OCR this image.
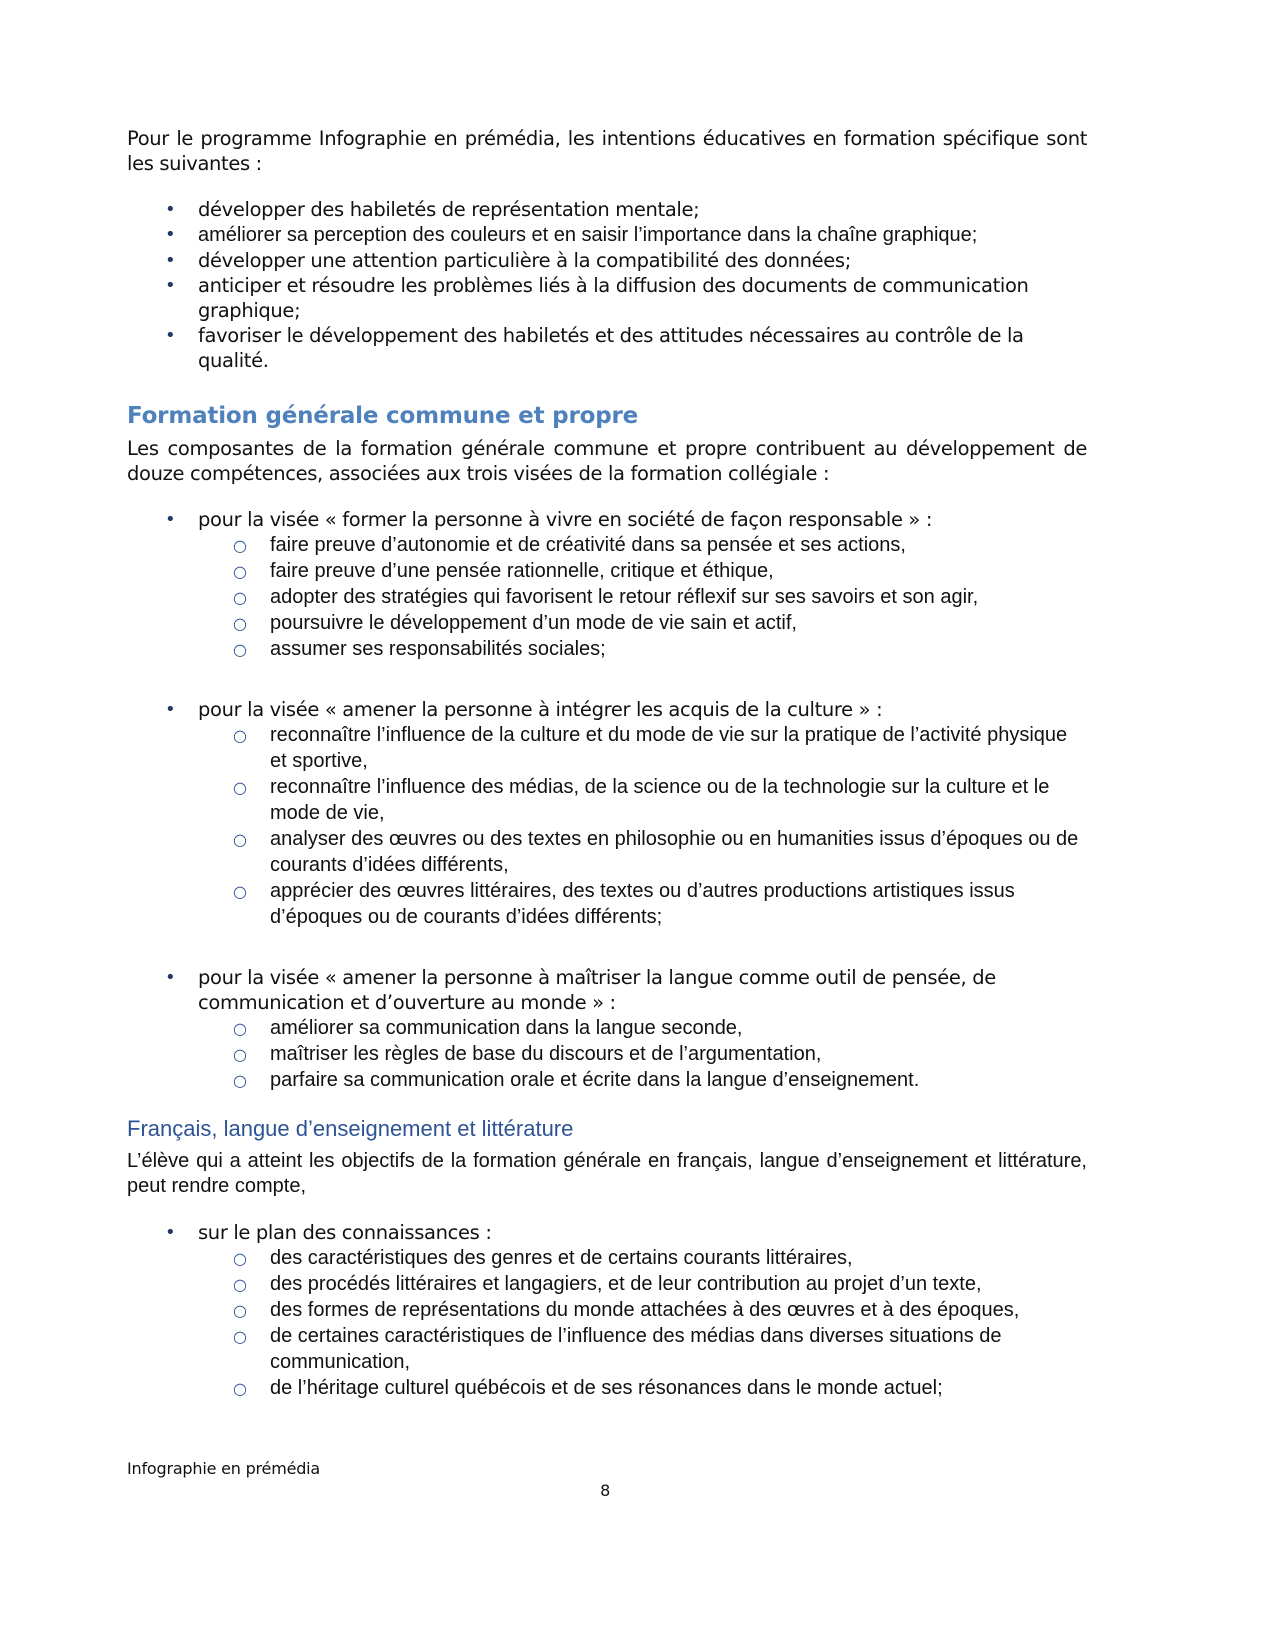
Pour le programme Infographie en prémédia, les intentions éducatives en formation spécifique sont les suivantes :

• développer des habiletés de représentation mentale;
• améliorer sa perception des couleurs et en saisir l’importance dans la chaîne graphique;
• développer une attention particulière à la compatibilité des données;
• anticiper et résoudre les problèmes liés à la diffusion des documents de communication graphique;
• favoriser le développement des habiletés et des attitudes nécessaires au contrôle de la qualité.
Formation générale commune et propre

Les composantes de la formation générale commune et propre contribuent au développement de douze compétences, associées aux trois visées de la formation collégiale :

• pour la visée « former la personne à vivre en société de façon responsable » :
○ faire preuve d’autonomie et de créativité dans sa pensée et ses actions,
○ faire preuve d’une pensée rationnelle, critique et éthique,
○ adopter des stratégies qui favorisent le retour réflexif sur ses savoirs et son agir,
○ poursuivre le développement d’un mode de vie sain et actif,
○ assumer ses responsabilités sociales;
• pour la visée « amener la personne à intégrer les acquis de la culture » :
○ reconnaître l’influence de la culture et du mode de vie sur la pratique de l’activité physique et sportive,
○ reconnaître l’influence des médias, de la science ou de la technologie sur la culture et le mode de vie,
○ analyser des œuvres ou des textes en philosophie ou en humanities issus d’époques ou de courants d’idées différents,
○ apprécier des œuvres littéraires, des textes ou d’autres productions artistiques issus d’époques ou de courants d’idées différents;
• pour la visée « amener la personne à maîtriser la langue comme outil de pensée, de communication et d’ouverture au monde » :
○ améliorer sa communication dans la langue seconde,
○ maîtriser les règles de base du discours et de l’argumentation,
○ parfaire sa communication orale et écrite dans la langue d’enseignement.
Français, langue d’enseignement et littérature

L’élève qui a atteint les objectifs de la formation générale en français, langue d’enseignement et littérature, peut rendre compte,

• sur le plan des connaissances :
○ des caractéristiques des genres et de certains courants littéraires,
○ des procédés littéraires et langagiers, et de leur contribution au projet d’un texte,
○ des formes de représentations du monde attachées à des œuvres et à des époques,
○ de certaines caractéristiques de l’influence des médias dans diverses situations de communication,
○ de l’héritage culturel québécois et de ses résonances dans le monde actuel;
Infographie en prémédia
8
